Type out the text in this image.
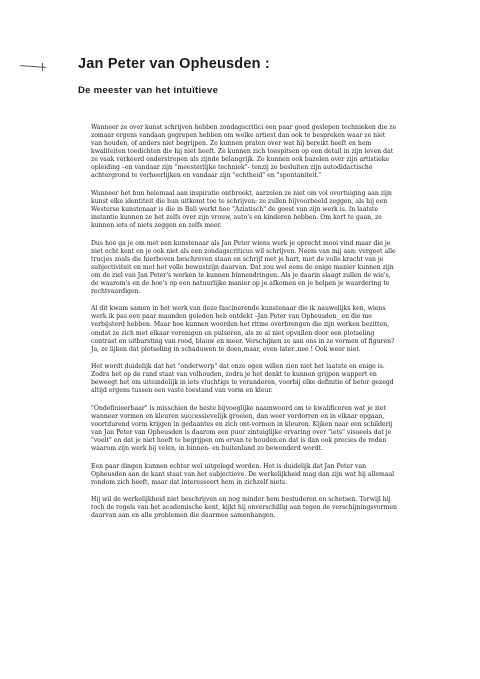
Jan Peter van Opheusden :
De meester van het intuïtieve

Wanneer ze over kunst schrijven hebben zondagscritici een paar goed geslepen technieken die ze zomaar ergens vandaan gegrepen hebben om welke artiest dan ook te bespreken waar ze niet van houden, of anders niet begrijpen. Ze kunnen praten over wat hij bereikt heeft en hem kwaliteiten toedichten die hij niet heeft. Ze kunnen zich toespitsen op een detail in zijn leven dat ze vaak verkeerd onderstrepen als zijnde belangrijk. Ze kunnen ook bazelen over zijn artistieke opleiding –en vandaar zijn "meesterlijke techniek"- tenzij ze besluiten zijn autodidactische achtergrond te verheerlijken en vandaar zijn "echtheid" en "spontaniteit."

Wanneer het hun helemaal aan inspiratie ontbreekt, aarzelen ze niet om vol overtuiging aan zijn kunst elke identiteit die hun uitkomt toe te schrijven: ze zullen bijvoorbeeld zeggen, als hij een Westerse kunstenaar is die in Bali werkt hoe "Aziatisch" de geest van zijn werk is. In laatste instantie kunnen ze het zelfs over zijn vrouw, auto's en kinderen hebben. Om kort te gaan, ze kunnen iets of niets zeggen en zelfs meer.

Dus hoe ga je om met een kunstenaar als Jan Peter wiens werk je oprecht mooi vind maar die je niet echt kent en je ook niet als een zondagscriticus wil schrijven. Neem van mij aan: vergeet alle trucjes zoals die hierboven beschreven staan en schrijf met je hart, met de volle kracht van je subjectiviteit en met het volle bewustzijn daarvan. Dat zou wel eens de enige manier kunnen zijn om de ziel van Jan Peter's werken te kunnen binnendringen. Als je daarin slaagt zullen de wie's, de waarom's en de hoe's op een natuurlijke manier op je afkomen en je helpen je waardering te rechtvaardigen.

Al dit kwam samen in het werk van deze fascinerende kunstenaar die ik nauwelijks ken, wiens werk ik pas een paar maanden geleden heb ontdekt –Jan Peter van Opheusden_ en die me verbijsterd hebben. Maar hoe kunnen woorden het ritme overbrengen die zijn werken bezitten, omdat ze zich met elkaar verenigen en pulseren, als ze al niet opvallen door een plotseling contrast en uitbarsting van rood, blauw en meer. Verschijnen ze aan ons in ze vormen of figuren? Ja, ze lijken dat plotseling in schaduwen te doen,maar, even later..nee ! Ook weer niet.

Het wordt duidelijk dat het "onderwerp" dat onze ogen willen zien niet het laatste en enige is. Zodra het op de rand staat van volhouden, zodra je het denkt te kunnen grijpen wappert en beweegt het om uiteindelijk in iets vluchtigs te veranderen, voorbij elke definitie of beter gezegd altijd ergens tussen een vaste toestand van vorm en kleur.

"Ondefinieerbaar" is misschien de beste bijvoeglijke naamwoord om te kwalificeren wat je ziet wanneer vormen en kleuren successievelijk groeien, dan weer verdorren en in elkaar opgaan, voortdurend vorm krijgen in gedaantes en zich ont-vormen in kleuren. Kijken naar een schilderij van Jan Peter van Opheusden is daarom een puur zintuiglijke ervaring over "iets" visueels dat je "voelt" en dat je niet hoeft te begrijpen om ervan te houden.en dat is dan ook precies de reden waarom zijn werk bij velen, in binnen- en buitenland zo bewonderd wordt.

Een paar dingen kunnen echter wel uitgelegd worden. Het is duidelijk dat Jan Peter van Opheusden aan de kant staat van het subjectieve. De werkelijkheid mag dan zijn wat hij allemaal rondom zich heeft, maar dat interesseert hem in zichzelf niets.

Hij wil de werkelijkheid niet beschrijven en nog minder hem bestuderen en schetsen. Terwijl hij toch de regels van het academische kent, kijkt hij onverschillig aan tegen de verschijningsvormen daarvan aan en alle problemen die daarmee samenhangen.
